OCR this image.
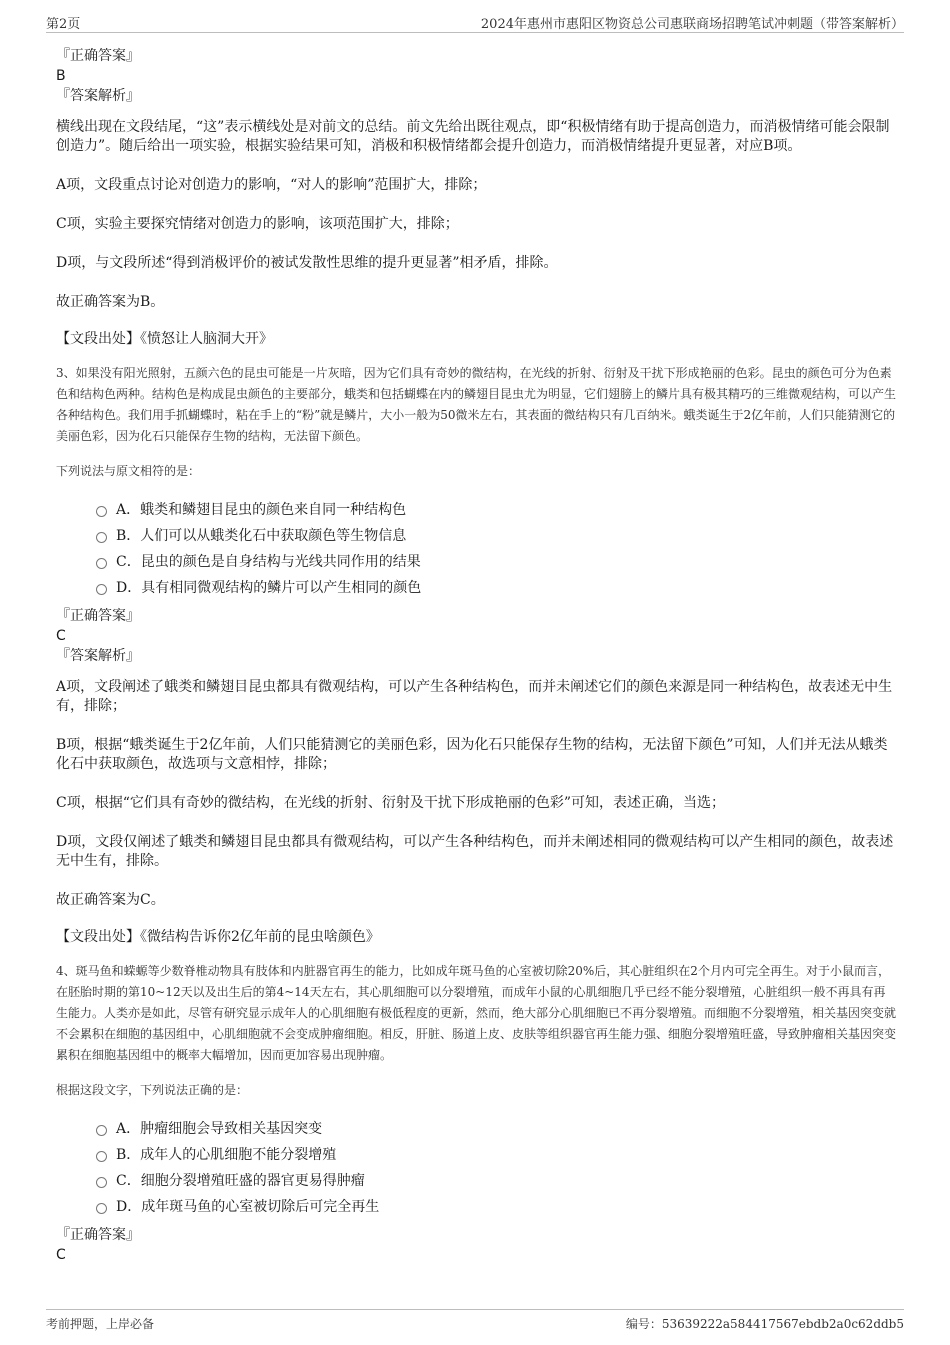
第2页	2024年惠州市惠阳区物资总公司惠联商场招聘笔试冲刺题（带答案解析）

『正确答案』

B

『答案解析』

横线出现在文段结尾，“这”表示横线处是对前文的总结。前文先给出既往观点，即“积极情绪有助于提高创造力，而消极情绪可能会限制创造力”。随后给出一项实验，根据实验结果可知，消极和积极情绪都会提升创造力，而消极情绪提升更显著，对应B项。

A项，文段重点讨论对创造力的影响，“对人的影响”范围扩大，排除；

C项，实验主要探究情绪对创造力的影响，该项范围扩大，排除；

D项，与文段所述“得到消极评价的被试发散性思维的提升更显著”相矛盾，排除。

故正确答案为B。

【文段出处】《愤怒让人脑洞大开》

3、如果没有阳光照射，五颜六色的昆虫可能是一片灰暗，因为它们具有奇妙的微结构，在光线的折射、衍射及干扰下形成艳丽的色彩。昆虫的颜色可分为色素色和结构色两种。结构色是构成昆虫颜色的主要部分，蛾类和包括蝴蝶在内的鳞翅目昆虫尤为明显，它们翅膀上的鳞片具有极其精巧的三维微观结构，可以产生各种结构色。我们用手抓蝴蝶时，粘在手上的“粉”就是鳞片，大小一般为50微米左右，其表面的微结构只有几百纳米。蛾类诞生于2亿年前，人们只能猜测它的美丽色彩，因为化石只能保存生物的结构，无法留下颜色。

下列说法与原文相符的是：

A．蛾类和鳞翅目昆虫的颜色来自同一种结构色
B．人们可以从蛾类化石中获取颜色等生物信息
C．昆虫的颜色是自身结构与光线共同作用的结果
D．具有相同微观结构的鳞片可以产生相同的颜色

『正确答案』

C

『答案解析』

A项，文段阐述了蛾类和鳞翅目昆虫都具有微观结构，可以产生各种结构色，而并未阐述它们的颜色来源是同一种结构色，故表述无中生有，排除；

B项，根据“蛾类诞生于2亿年前，人们只能猜测它的美丽色彩，因为化石只能保存生物的结构，无法留下颜色”可知，人们并无法从蛾类化石中获取颜色，故选项与文意相悖，排除；

C项，根据“它们具有奇妙的微结构，在光线的折射、衍射及干扰下形成艳丽的色彩”可知，表述正确，当选；

D项，文段仅阐述了蛾类和鳞翅目昆虫都具有微观结构，可以产生各种结构色，而并未阐述相同的微观结构可以产生相同的颜色，故表述无中生有，排除。

故正确答案为C。

【文段出处】《微结构告诉你2亿年前的昆虫啥颜色》

4、斑马鱼和蝾螈等少数脊椎动物具有肢体和内脏器官再生的能力，比如成年斑马鱼的心室被切除20%后，其心脏组织在2个月内可完全再生。对于小鼠而言，在胚胎时期的第10~12天以及出生后的第4~14天左右，其心肌细胞可以分裂增殖，而成年小鼠的心肌细胞几乎已经不能分裂增殖，心脏组织一般不再具有再生能力。人类亦是如此，尽管有研究显示成年人的心肌细胞有极低程度的更新，然而，绝大部分心肌细胞已不再分裂增殖。而细胞不分裂增殖，相关基因突变就不会累积在细胞的基因组中，心肌细胞就不会变成肿瘤细胞。相反，肝脏、肠道上皮、皮肤等组织器官再生能力强、细胞分裂增殖旺盛，导致肿瘤相关基因突变累积在细胞基因组中的概率大幅增加，因而更加容易出现肿瘤。

根据这段文字，下列说法正确的是：

A．肿瘤细胞会导致相关基因突变
B．成年人的心肌细胞不能分裂增殖
C．细胞分裂增殖旺盛的器官更易得肿瘤
D．成年斑马鱼的心室被切除后可完全再生

『正确答案』

C

考前押题，上岸必备	编号：53639222a584417567ebdb2a0c62ddb5
